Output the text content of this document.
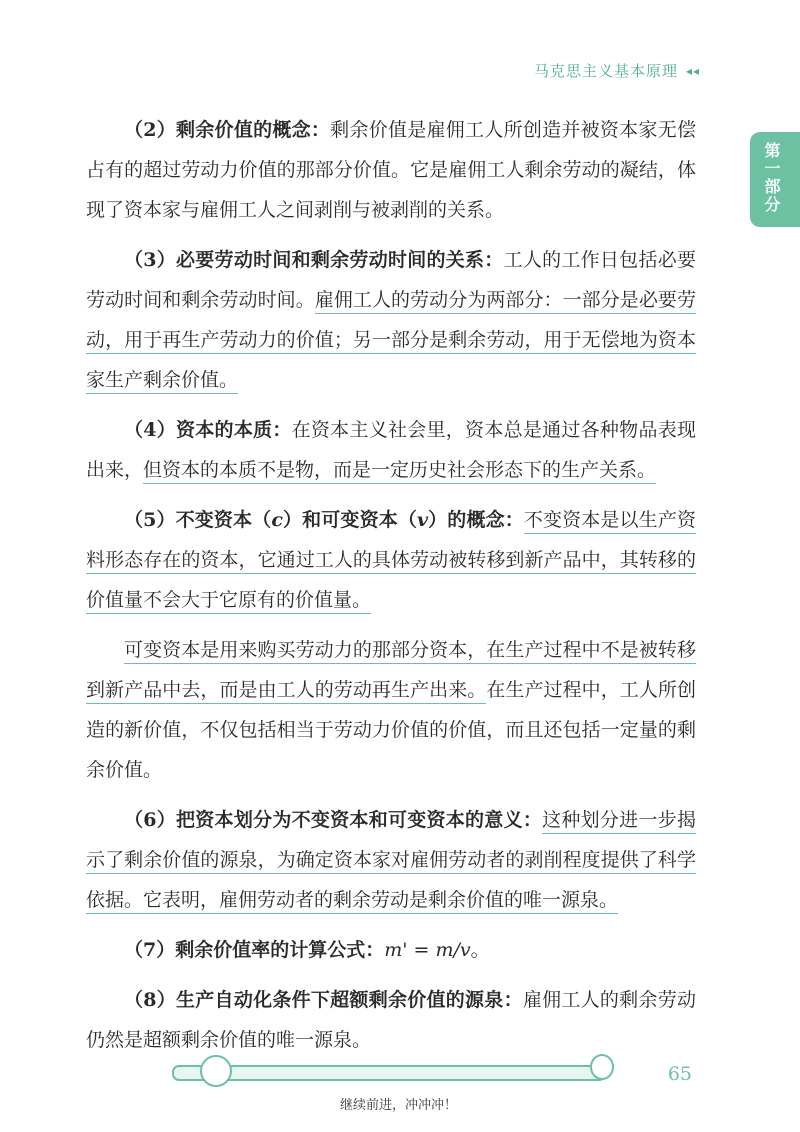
马克思主义基本原理 ◂◂
第一部分

（2）剩余价值的概念：剩余价值是雇佣工人所创造并被资本家无偿占有的超过劳动力价值的那部分价值。它是雇佣工人剩余劳动的凝结，体现了资本家与雇佣工人之间剥削与被剥削的关系。

（3）必要劳动时间和剩余劳动时间的关系：工人的工作日包括必要劳动时间和剩余劳动时间。雇佣工人的劳动分为两部分：一部分是必要劳动，用于再生产劳动力的价值；另一部分是剩余劳动，用于无偿地为资本家生产剩余价值。

（4）资本的本质：在资本主义社会里，资本总是通过各种物品表现出来，但资本的本质不是物，而是一定历史社会形态下的生产关系。

（5）不变资本（c）和可变资本（v）的概念：不变资本是以生产资料形态存在的资本，它通过工人的具体劳动被转移到新产品中，其转移的价值量不会大于它原有的价值量。

可变资本是用来购买劳动力的那部分资本，在生产过程中不是被转移到新产品中去，而是由工人的劳动再生产出来。在生产过程中，工人所创造的新价值，不仅包括相当于劳动力价值的价值，而且还包括一定量的剩余价值。

（6）把资本划分为不变资本和可变资本的意义：这种划分进一步揭示了剩余价值的源泉，为确定资本家对雇佣劳动者的剥削程度提供了科学依据。它表明，雇佣劳动者的剩余劳动是剩余价值的唯一源泉。

（7）剩余价值率的计算公式：m' = m/v。

（8）生产自动化条件下超额剩余价值的源泉：雇佣工人的剩余劳动仍然是超额剩余价值的唯一源泉。

继续前进，冲冲冲！
65
